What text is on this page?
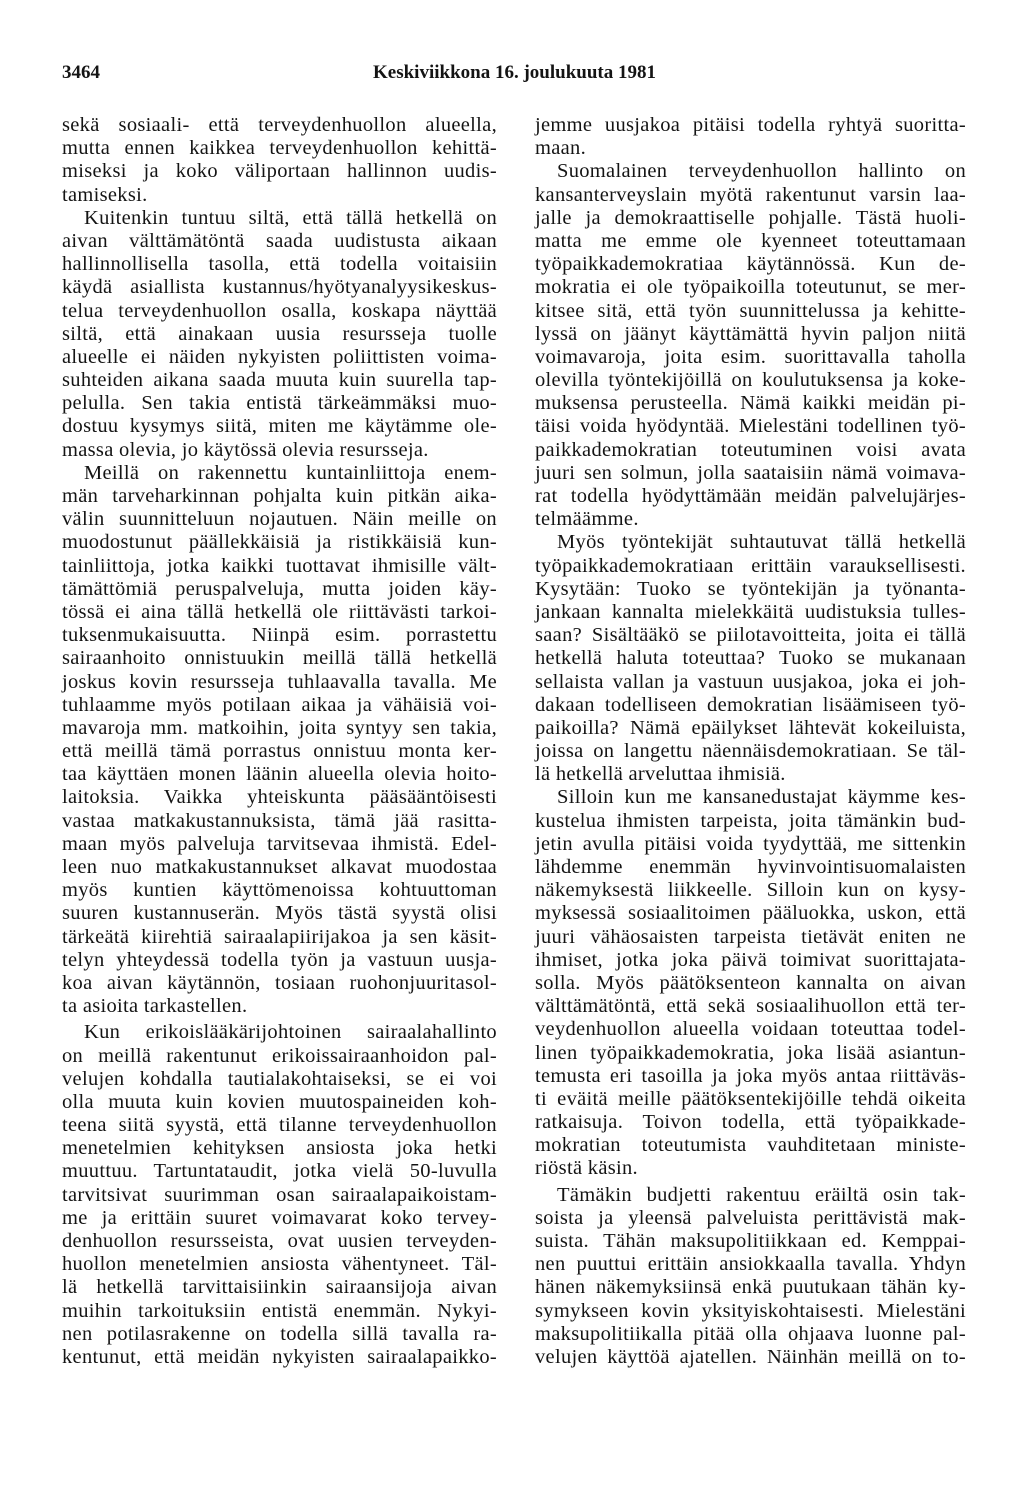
3464	Keskiviikkona 16. joulukuuta 1981
sekä sosiaali- että terveydenhuollon alueella,
mutta ennen kaikkea terveydenhuollon kehittä-
miseksi ja koko väliportaan hallinnon uudis-
tamiseksi.
Kuitenkin tuntuu siltä, että tällä hetkellä on
aivan välttämätöntä saada uudistusta aikaan
hallinnollisella tasolla, että todella voitaisiin
käydä asiallista kustannus/hyötyanalyysikeskus-
telua terveydenhuollon osalla, koskapa näyttää
siltä, että ainakaan uusia resursseja tuolle
alueelle ei näiden nykyisten poliittisten voima-
suhteiden aikana saada muuta kuin suurella tap-
pelulla. Sen takia entistä tärkeämmäksi muo-
dostuu kysymys siitä, miten me käytämme ole-
massa olevia, jo käytössä olevia resursseja.
Meillä on rakennettu kuntainliittoja enem-
män tarveharkinnan pohjalta kuin pitkän aika-
välin suunnitteluun nojautuen. Näin meille on
muodostunut päällekkäisiä ja ristikkäisiä kun-
tainliittoja, jotka kaikki tuottavat ihmisille vält-
tämättömiä peruspalveluja, mutta joiden käy-
tössä ei aina tällä hetkellä ole riittävästi tarkoi-
tuksenmukaisuutta. Niinpä esim. porrastettu
sairaanhoito onnistuukin meillä tällä hetkellä
joskus kovin resursseja tuhlaavalla tavalla. Me
tuhlaamme myös potilaan aikaa ja vähäisiä voi-
mavaroja mm. matkoihin, joita syntyy sen takia,
että meillä tämä porrastus onnistuu monta ker-
taa käyttäen monen läänin alueella olevia hoito-
laitoksia. Vaikka yhteiskunta pääsääntöisesti
vastaa matkakustannuksista, tämä jää rasitta-
maan myös palveluja tarvitsevaa ihmistä. Edel-
leen nuo matkakustannukset alkavat muodostaa
myös kuntien käyttömenoissa kohtuuttoman
suuren kustannuserän. Myös tästä syystä olisi
tärkeätä kiirehtiä sairaalapiirijakoa ja sen käsit-
telyn yhteydessä todella työn ja vastuun uusja-
koa aivan käytännön, tosiaan ruohonjuuritasol-
ta asioita tarkastellen.
Kun erikoislääkärijohtoinen sairaalahallinto
on meillä rakentunut erikoissairaanhoidon pal-
velujen kohdalla tautialakohtaiseksi, se ei voi
olla muuta kuin kovien muutospaineiden koh-
teena siitä syystä, että tilanne terveydenhuollon
menetelmien kehityksen ansiosta joka hetki
muuttuu. Tartuntataudit, jotka vielä 50-luvulla
tarvitsivat suurimman osan sairaalapaikoistam-
me ja erittäin suuret voimavarat koko tervey-
denhuollon resursseista, ovat uusien terveyden-
huollon menetelmien ansiosta vähentyneet. Täl-
lä hetkellä tarvittaisiinkin sairaansijoja aivan
muihin tarkoituksiin entistä enemmän. Nykyi-
nen potilasrakenne on todella sillä tavalla ra-
kentunut, että meidän nykyisten sairaalapaikko-
jemme uusjakoa pitäisi todella ryhtyä suoritta-
maan.
Suomalainen terveydenhuollon hallinto on
kansanterveyslain myötä rakentunut varsin laa-
jalle ja demokraattiselle pohjalle. Tästä huoli-
matta me emme ole kyenneet toteuttamaan
työpaikkademokratiaa käytännössä. Kun de-
mokratia ei ole työpaikoilla toteutunut, se mer-
kitsee sitä, että työn suunnittelussa ja kehitte-
lyssä on jäänyt käyttämättä hyvin paljon niitä
voimavaroja, joita esim. suorittavalla taholla
olevilla työntekijöillä on koulutuksensa ja koke-
muksensa perusteella. Nämä kaikki meidän pi-
täisi voida hyödyntää. Mielestäni todellinen työ-
paikkademokratian toteutuminen voisi avata
juuri sen solmun, jolla saataisiin nämä voimava-
rat todella hyödyttämään meidän palvelujärjes-
telmäämme.
Myös työntekijät suhtautuvat tällä hetkellä
työpaikkademokratiaan erittäin varauksellisesti.
Kysytään: Tuoko se työntekijän ja työnanta-
jankaan kannalta mielekkäitä uudistuksia tulles-
saan? Sisältääkö se piilotavoitteita, joita ei tällä
hetkellä haluta toteuttaa? Tuoko se mukanaan
sellaista vallan ja vastuun uusjakoa, joka ei joh-
dakaan todelliseen demokratian lisäämiseen työ-
paikoilla? Nämä epäilykset lähtevät kokeiluista,
joissa on langettu näennäisdemokratiaan. Se täl-
lä hetkellä arveluttaa ihmisiä.
Silloin kun me kansanedustajat käymme kes-
kustelua ihmisten tarpeista, joita tämänkin bud-
jetin avulla pitäisi voida tyydyttää, me sittenkin
lähdemme enemmän hyvinvointisuomalaisten
näkemyksestä liikkeelle. Silloin kun on kysy-
myksessä sosiaalitoimen pääluokka, uskon, että
juuri vähäosaisten tarpeista tietävät eniten ne
ihmiset, jotka joka päivä toimivat suorittajata-
solla. Myös päätöksenteon kannalta on aivan
välttämätöntä, että sekä sosiaalihuollon että ter-
veydenhuollon alueella voidaan toteuttaa todel-
linen työpaikkademokratia, joka lisää asiantun-
temusta eri tasoilla ja joka myös antaa riittäväs-
ti eväitä meille päätöksentekijöille tehdä oikeita
ratkaisuja. Toivon todella, että työpaikkade-
mokratian toteutumista vauhditetaan ministe-
riöstä käsin.
Tämäkin budjetti rakentuu eräiltä osin tak-
soista ja yleensä palveluista perittävistä mak-
suista. Tähän maksupolitiikkaan ed. Kemppai-
nen puuttui erittäin ansiokkaalla tavalla. Yhdyn
hänen näkemyksiinsä enkä puutukaan tähän ky-
symykseen kovin yksityiskohtaisesti. Mielestäni
maksupolitiikalla pitää olla ohjaava luonne pal-
velujen käyttöä ajatellen. Näinhän meillä on to-
